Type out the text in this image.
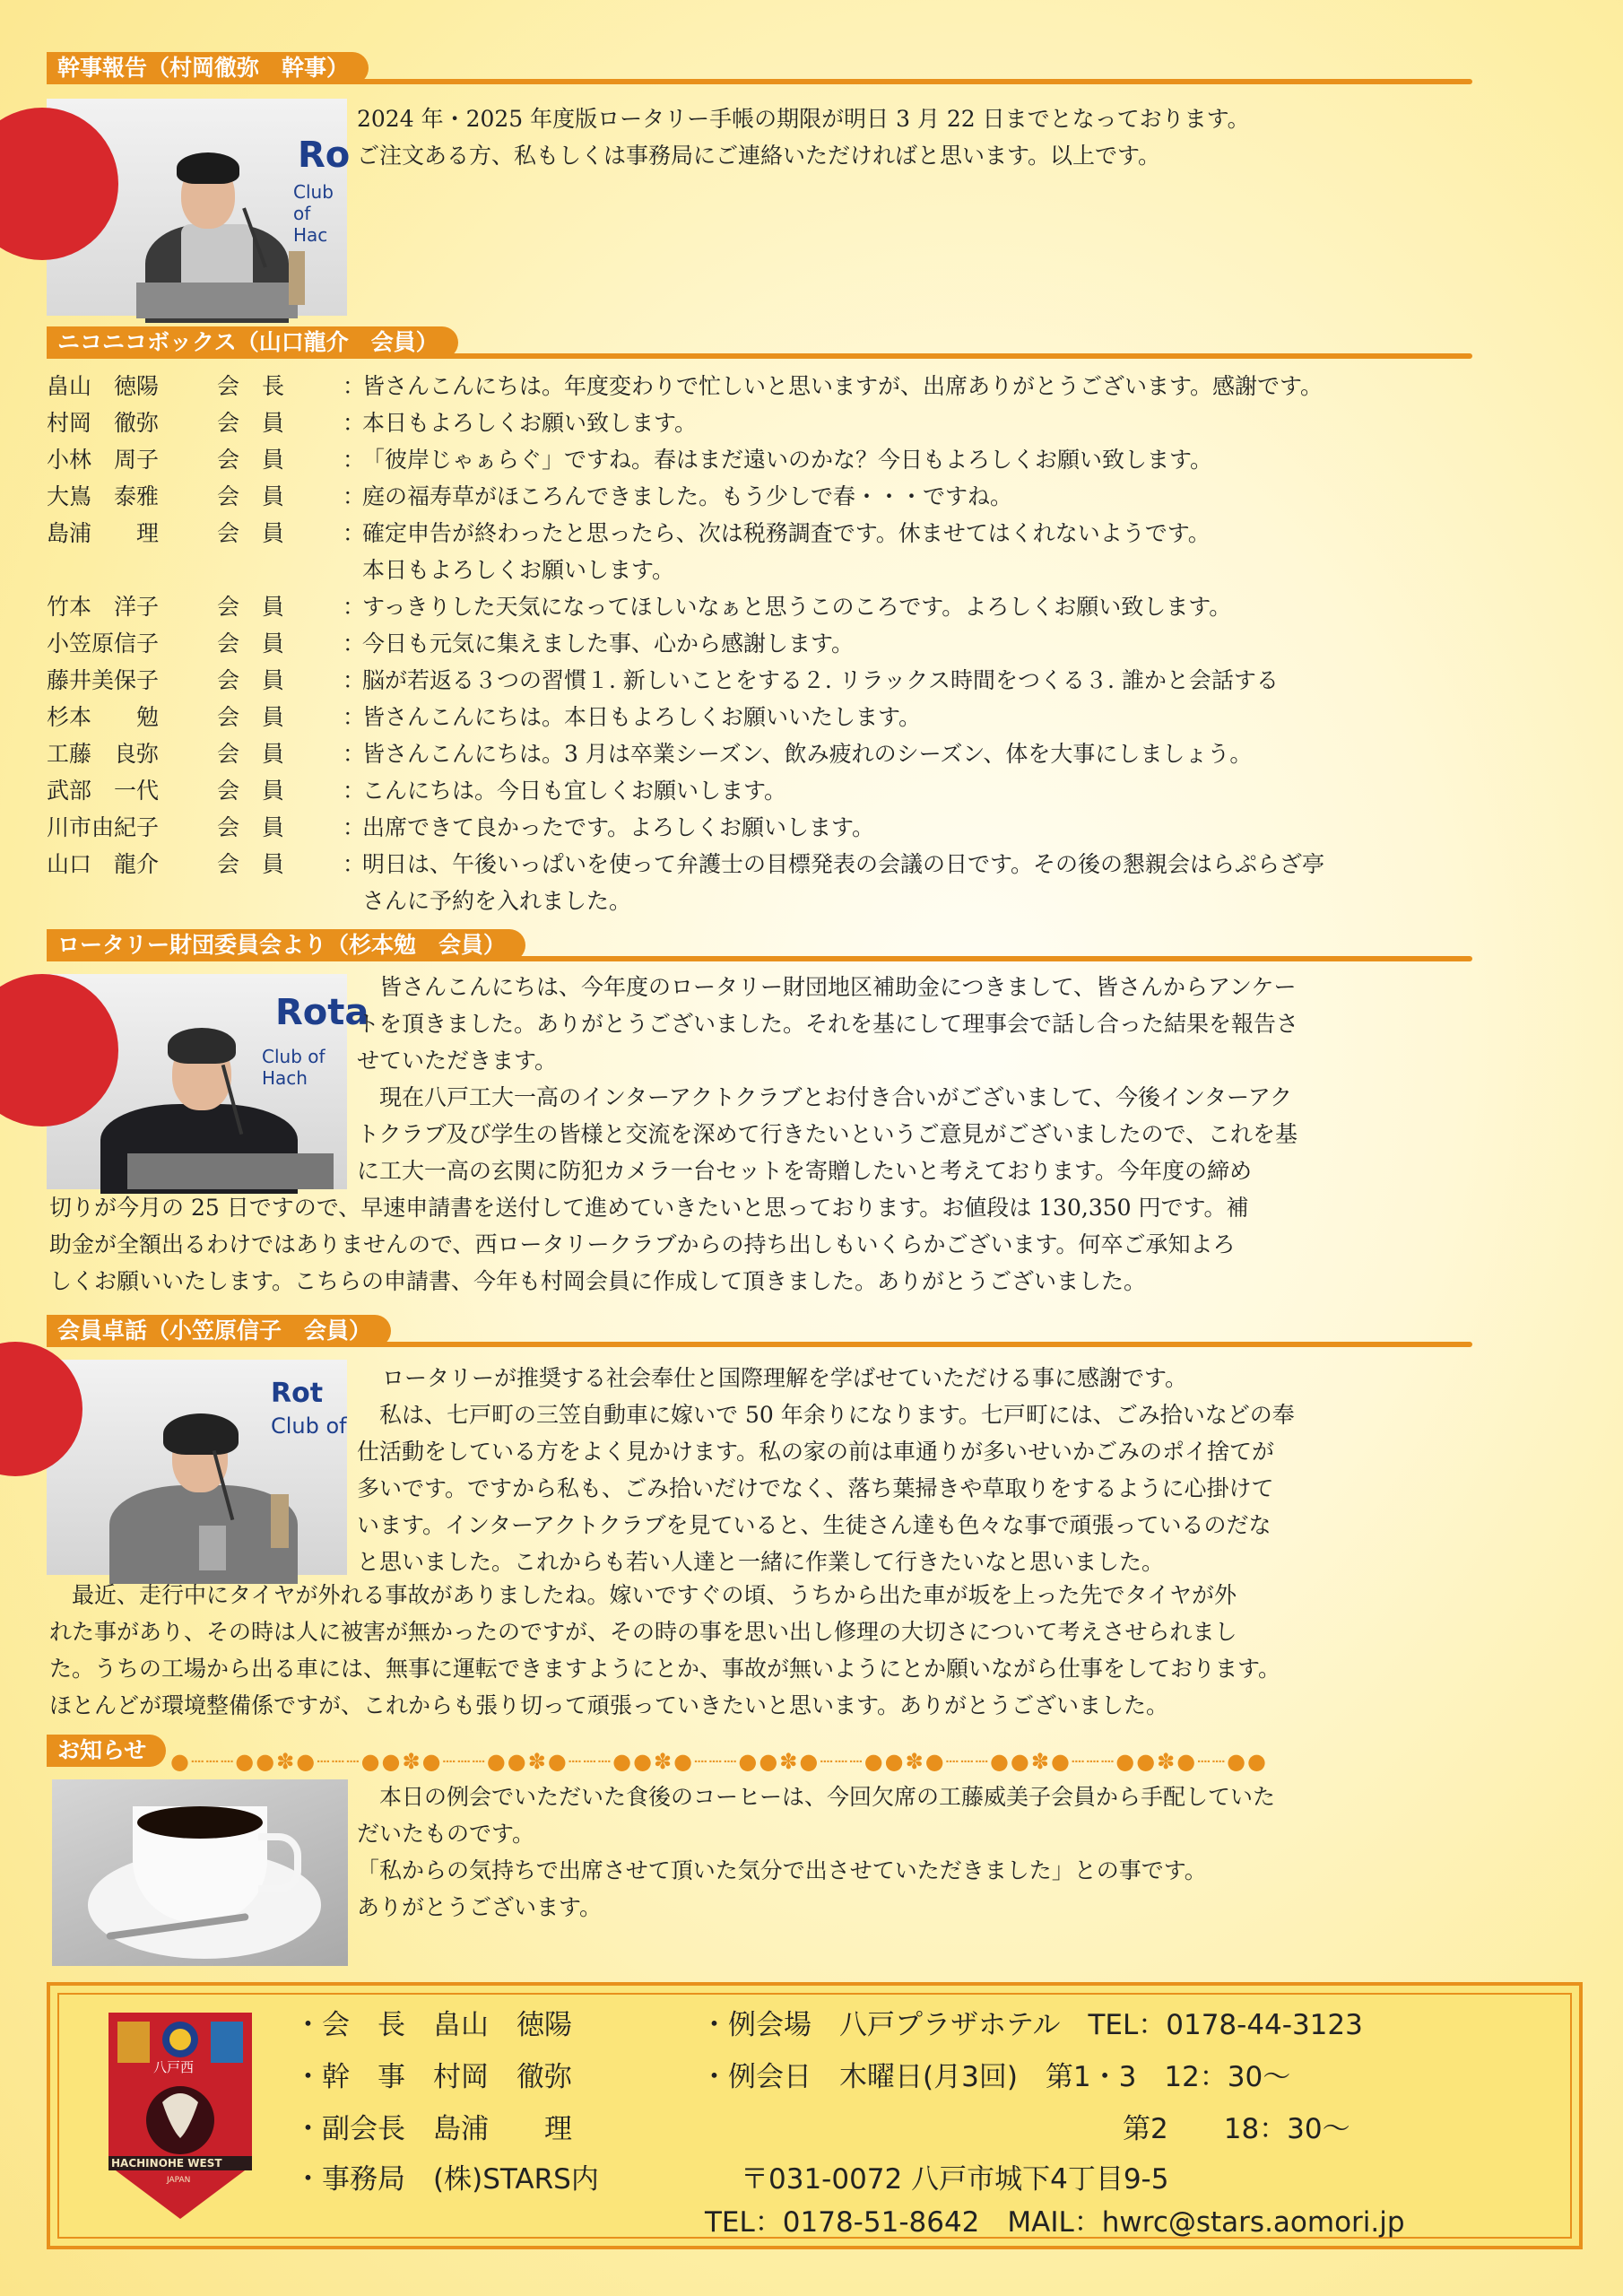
幹事報告（村岡徹弥　幹事）
Ro
Club of Hac
2024 年・2025 年度版ロータリー手帳の期限が明日 3 月 22 日までとなっております。
ご注文ある方、私もしくは事務局にご連絡いただければと思います。以上です。
ニコニコボックス（山口龍介　会員）
畠山　徳陽	会　長	：
皆さんこんにちは。年度変わりで忙しいと思いますが、出席ありがとうございます。感謝です。
村岡　徹弥	会　員	：
本日もよろしくお願い致します。
小林　周子	会　員	：
「彼岸じゃぁらぐ」ですね。春はまだ遠いのかな？今日もよろしくお願い致します。
大嶌　泰雅	会　員	：
庭の福寿草がほころんできました。もう少しで春・・・ですね。
島浦　　理	会　員	：
確定申告が終わったと思ったら、次は税務調査です。休ませてはくれないようです。
本日もよろしくお願いします。
竹本　洋子	会　員	：
すっきりした天気になってほしいなぁと思うこのころです。よろしくお願い致します。
小笠原信子	会　員	：
今日も元気に集えました事、心から感謝します。
藤井美保子	会　員	：
脳が若返る３つの習慣１. 新しいことをする２. リラックス時間をつくる３. 誰かと会話する
杉本　　勉	会　員	：
皆さんこんにちは。本日もよろしくお願いいたします。
工藤　良弥	会　員	：
皆さんこんにちは。3 月は卒業シーズン、飲み疲れのシーズン、体を大事にしましょう。
武部　一代	会　員	：
こんにちは。今日も宜しくお願いします。
川市由紀子	会　員	：
出席できて良かったです。よろしくお願いします。
山口　龍介	会　員	：
明日は、午後いっぱいを使って弁護士の目標発表の会議の日です。その後の懇親会はらぷらざ亭
さんに予約を入れました。
ロータリー財団委員会より（杉本勉　会員）
Rota
Club of Hach
　皆さんこんにちは、今年度のロータリー財団地区補助金につきまして、皆さんからアンケー
トを頂きました。ありがとうございました。それを基にして理事会で話し合った結果を報告さ
せていただきます。
　現在八戸工大一高のインターアクトクラブとお付き合いがございまして、今後インターアク
トクラブ及び学生の皆様と交流を深めて行きたいというご意見がございましたので、これを基
に工大一高の玄関に防犯カメラ一台セットを寄贈したいと考えております。今年度の締め
切りが今月の 25 日ですので、早速申請書を送付して進めていきたいと思っております。お値段は 130,350 円です。補
助金が全額出るわけではありませんので、西ロータリークラブからの持ち出しもいくらかございます。何卒ご承知よろ
しくお願いいたします。こちらの申請書、今年も村岡会員に作成して頂きました。ありがとうございました。
会員卓話（小笠原信子　会員）
Rot
Club of
ロータリーが推奨する社会奉仕と国際理解を学ばせていただける事に感謝です。
　私は、七戸町の三笠自動車に嫁いで 50 年余りになります。七戸町には、ごみ拾いなどの奉
仕活動をしている方をよく見かけます。私の家の前は車通りが多いせいかごみのポイ捨てが
多いです。ですから私も、ごみ拾いだけでなく、落ち葉掃きや草取りをするように心掛けて
います。インターアクトクラブを見ていると、生徒さん達も色々な事で頑張っているのだな
と思いました。これからも若い人達と一緒に作業して行きたいなと思いました。
　最近、走行中にタイヤが外れる事故がありましたね。嫁いですぐの頃、うちから出た車が坂を上った先でタイヤが外
れた事があり、その時は人に被害が無かったのですが、その時の事を思い出し修理の大切さについて考えさせられまし
た。うちの工場から出る車には、無事に運転できますようにとか、事故が無いようにとか願いながら仕事をしております。
ほとんどが環境整備係ですが、これからも張り切って頑張っていきたいと思います。ありがとうございました。
お知らせ	●┈┈┈●●✽●┈┈┈●●✽●┈┈┈●●✽●┈┈┈●●✽●┈┈┈●●✽●┈┈┈●●✽●┈┈┈●●✽●┈┈┈●●✽●┈┈●●
　本日の例会でいただいた食後のコーヒーは、今回欠席の工藤威美子会員から手配していた
だいたものです。
「私からの気持ちで出席させて頂いた気分で出させていただきました」との事です。
ありがとうございます。
八戸西
HACHINOHE WEST
JAPAN
・会　長　畠山　徳陽
・幹　事　村岡　徹弥
・副会長　島浦　　理
・事務局　(株)STARS内
・例会場　八戸プラザホテル　TEL：0178-44-3123
・例会日　木曜日(月3回)　第1・3　12：30～
第2　　18：30～
〒031-0072 八戸市城下4丁目9-5
TEL：0178-51-8642　MAIL：hwrc@stars.aomori.jp
